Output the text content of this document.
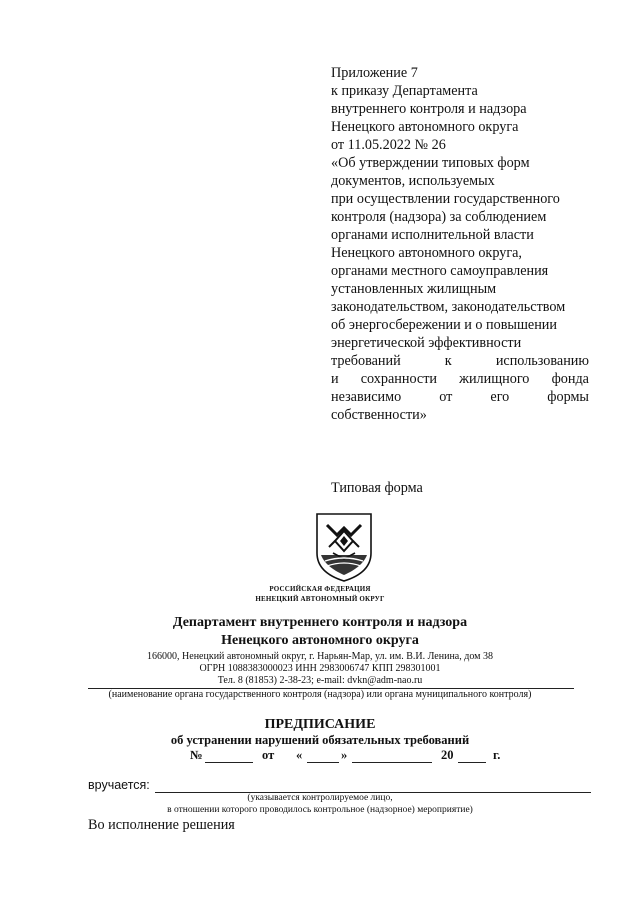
Приложение 7
к приказу Департамента
внутреннего контроля и надзора
Ненецкого автономного округа
от 11.05.2022 № 26
«Об утверждении типовых форм
документов, используемых
при осуществлении государственного
контроля (надзора) за соблюдением
органами исполнительной власти
Ненецкого автономного округа,
органами местного самоуправления
установленных жилищным
законодательством, законодательством
об энергосбережении и о повышении
энергетической эффективности
требований	к	использованию
и сохранности жилищного фонда
независимо	от	его	формы
собственности»
Типовая форма
РОССИЙСКАЯ ФЕДЕРАЦИЯ
НЕНЕЦКИЙ АВТОНОМНЫЙ ОКРУГ
Департамент внутреннего контроля и надзора
Ненецкого автономного округа
166000, Ненецкий автономный округ, г. Нарьян-Мар, ул. им. В.И. Ленина, дом 38
ОГРН 1088383000023 ИНН 2983006747 КПП 298301001
Тел. 8 (81853) 2-38-23; e-mail: dvkn@adm-nao.ru
(наименование органа государственного контроля (надзора) или органа муниципального контроля)
ПРЕДПИСАНИЕ
об устранении нарушений обязательных требований
№	от «	»	20	г.
вручается:
(указывается контролируемое лицо,
в отношении которого проводилось контрольное (надзорное) мероприятие)
Во исполнение решения
